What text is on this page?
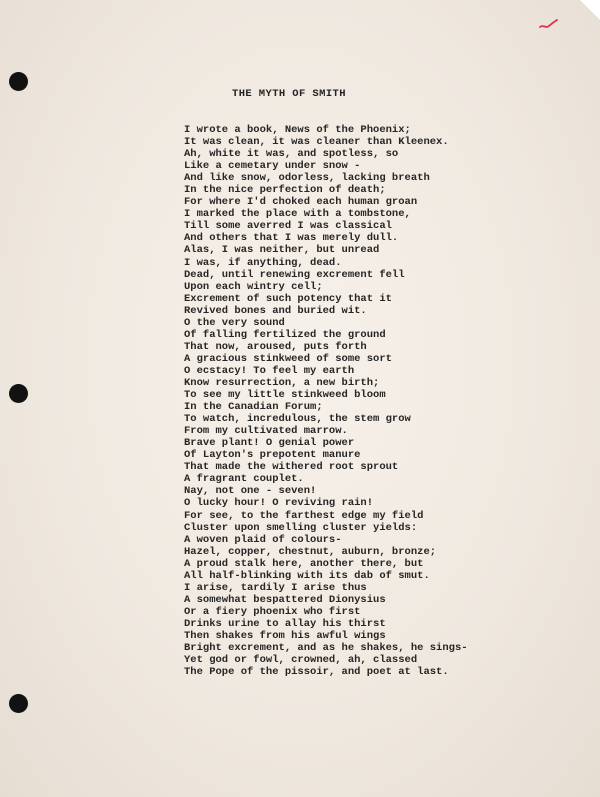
THE MYTH OF SMITH
I wrote a book, News of the Phoenix;
It was clean, it was cleaner than Kleenex.
Ah, white it was, and spotless, so
Like a cemetary under snow -
And like snow, odorless, lacking breath
In the nice perfection of death;
For where I'd choked each human groan
I marked the place with a tombstone,
Till some averred I was classical
And others that I was merely dull.
Alas, I was neither, but unread
I was, if anything, dead.
Dead, until renewing excrement fell
Upon each wintry cell;
Excrement of such potency that it
Revived bones and buried wit.
O the very sound
Of falling fertilized the ground
That now, aroused, puts forth
A gracious stinkweed of some sort
O ecstacy! To feel my earth
Know resurrection, a new birth;
To see my little stinkweed bloom
In the Canadian Forum;
To watch, incredulous, the stem grow
From my cultivated marrow.
Brave plant! O genial power
Of Layton's prepotent manure
That made the withered root sprout
A fragrant couplet.
Nay, not one - seven!
O lucky hour! O reviving rain!
For see, to the farthest edge my field
Cluster upon smelling cluster yields:
A woven plaid of colours-
Hazel, copper, chestnut, auburn, bronze;
A proud stalk here, another there, but
All half-blinking with its dab of smut.
I arise, tardily I arise thus
A somewhat bespattered Dionysius
Or a fiery phoenix who first
Drinks urine to allay his thirst
Then shakes from his awful wings
Bright excrement, and as he shakes, he sings-
Yet god or fowl, crowned, ah, classed
The Pope of the pissoir, and poet at last.
